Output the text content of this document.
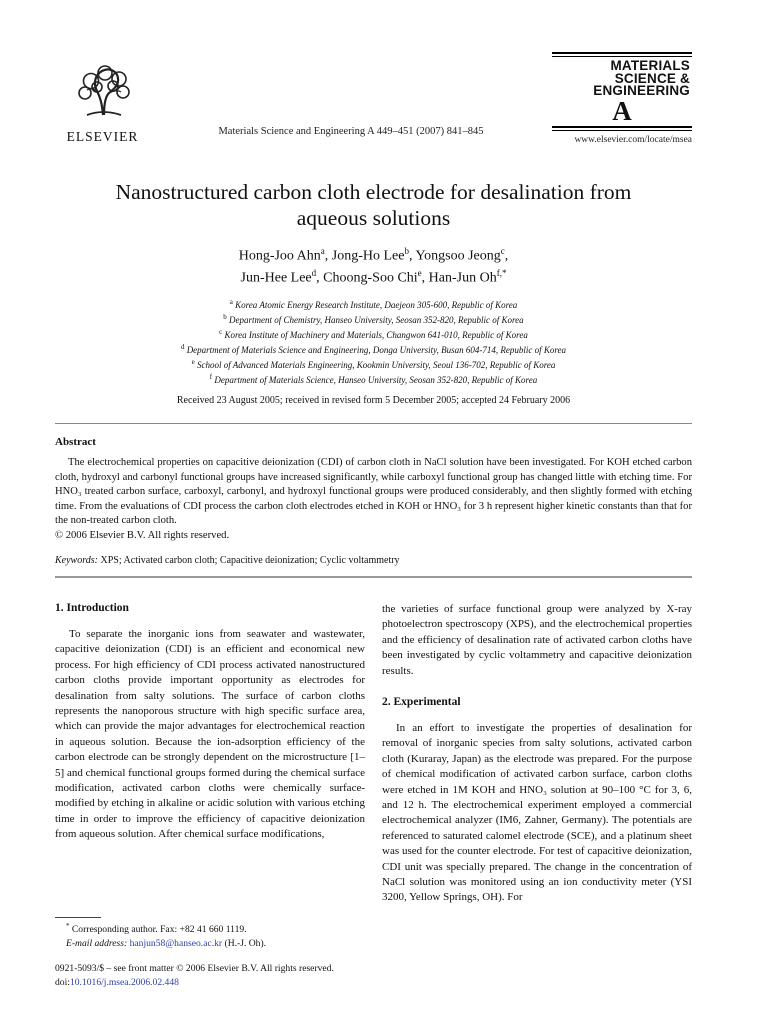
ELSEVIER	Materials Science and Engineering A 449–451 (2007) 841–845
MATERIALS
SCIENCE &
ENGINEERING
A
www.elsevier.com/locate/msea
Nanostructured carbon cloth electrode for desalination from aqueous solutions
Hong-Joo Ahn$^a$, Jong-Ho Lee$^b$, Yongsoo Jeong$^c$,
Jun-Hee Lee$^d$, Choong-Soo Chi$^e$, Han-Jun $Oh^{f,*}$
$^a$ Korea Atomic Energy Research Institute, Daejeon 305-600, Republic of Korea
$^b$ Department of Chemistry, Hanseo University, Seosan 352-820, Republic of Korea
$^c$ Korea Institute of Machinery and Materials, Changwon 641-010, Republic of Korea
$^d$ Department of Materials Science and Engineering, Donga University, Busan 604-714, Republic of Korea
$^e$ School of Advanced Materials Engineering, Kookmin University, Seoul 136-702, Republic of Korea
$^f$ Department of Materials Science, Hanseo University, Seosan 352-820, Republic of Korea
Received 23 August 2005; received in revised form 5 December 2005; accepted 24 February 2006
Abstract
The electrochemical properties on capacitive deionization (CDI) of carbon cloth in NaCl solution have been investigated. For KOH etched carbon cloth, hydroxyl and carbonyl functional groups have increased significantly, while carboxyl functional group has changed little with etching time. For HNO₃ treated carbon surface, carboxyl, carbonyl, and hydroxyl functional groups were produced considerably, and then slightly formed with etching time. From the evaluations of CDI process the carbon cloth electrodes etched in KOH or HNO₃ for 3 h represent higher kinetic constants than that for the non-treated carbon cloth.
© 2006 Elsevier B.V. All rights reserved.
Keywords: XPS; Activated carbon cloth; Capacitive deionization; Cyclic voltammetry
1. Introduction
To separate the inorganic ions from seawater and wastewater, capacitive deionization (CDI) is an efficient and economical new process. For high efficiency of CDI process activated nanostructured carbon cloths provide important opportunity as electrodes for desalination from salty solutions. The surface of carbon cloths represents the nanoporous structure with high specific surface area, which can provide the major advantages for electrochemical reaction in aqueous solution. Because the ion-adsorption efficiency of the carbon electrode can be strongly dependent on the microstructure [1–5] and chemical functional groups formed during the chemical surface modification, activated carbon cloths were chemically surface-modified by etching in alkaline or acidic solution with various etching time in order to improve the efficiency of capacitive deionization from aqueous solution. After chemical surface modifications,
* Corresponding author. Fax: +82 41 660 1119.
E-mail address: hanjun58@hanseo.ac.kr (H.-J. Oh).
0921-5093/$ – see front matter © 2006 Elsevier B.V. All rights reserved.
doi:10.1016/j.msea.2006.02.448
the varieties of surface functional group were analyzed by X-ray photoelectron spectroscopy (XPS), and the electrochemical properties and the efficiency of desalination rate of activated carbon cloths have been investigated by cyclic voltammetry and capacitive deionization results.
2. Experimental
In an effort to investigate the properties of desalination for removal of inorganic species from salty solutions, activated carbon cloth (Kuraray, Japan) as the electrode was prepared. For the purpose of chemical modification of activated carbon surface, carbon cloths were etched in 1M KOH and HNO₃ solution at 90–100 °C for 3, 6, and 12 h. The electrochemical experiment employed a commercial electrochemical analyzer (IM6, Zahner, Germany). The potentials are referenced to saturated calomel electrode (SCE), and a platinum sheet was used for the counter electrode. For test of capacitive deionization, CDI unit was specially prepared. The change in the concentration of NaCl solution was monitored using an ion conductivity meter (YSI 3200, Yellow Springs, OH). For
